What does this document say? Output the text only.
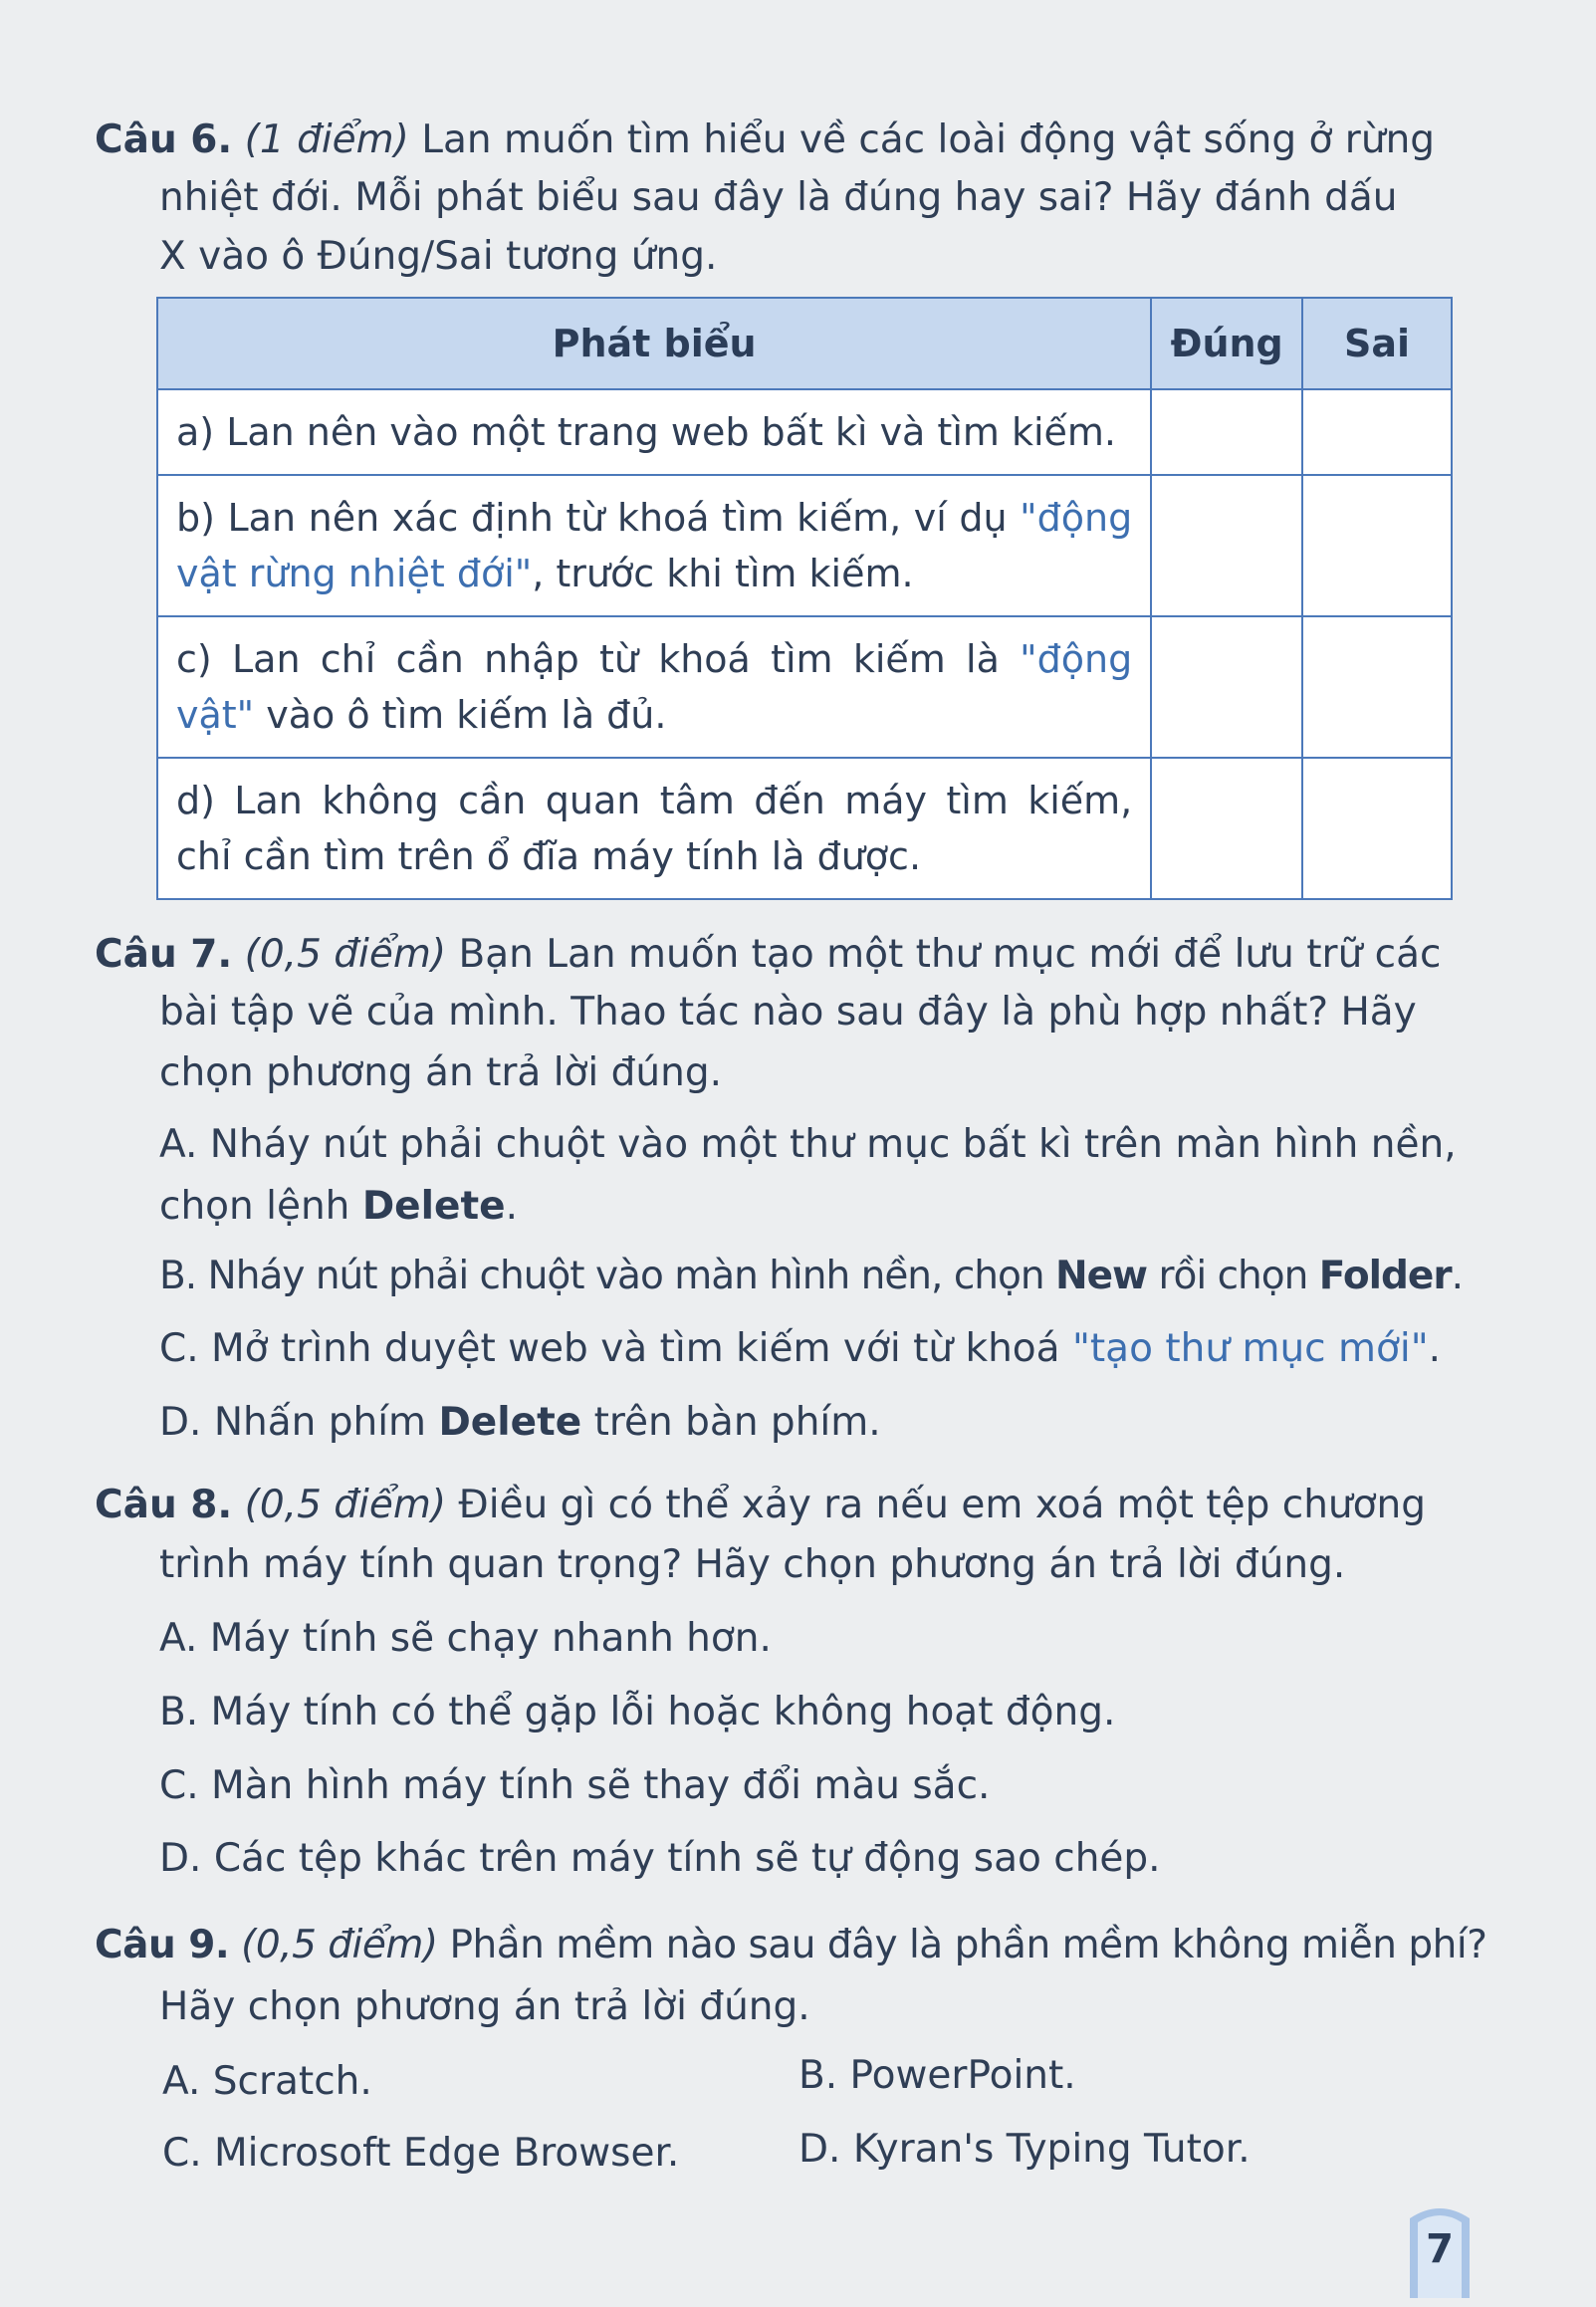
Câu 6. (1 điểm) Lan muốn tìm hiểu về các loài động vật sống ở rừng
nhiệt đới. Mỗi phát biểu sau đây là đúng hay sai? Hãy đánh dấu
X vào ô Đúng/Sai tương ứng.
Phát biểu	Đúng	Sai
a) Lan nên vào một trang web bất kì và tìm kiếm.		
b) Lan nên xác định từ khoá tìm kiếm, ví dụ "động vật rừng nhiệt đới", trước khi tìm kiếm.		
c) Lan chỉ cần nhập từ khoá tìm kiếm là "động vật" vào ô tìm kiếm là đủ.		
d) Lan không cần quan tâm đến máy tìm kiếm, chỉ cần tìm trên ổ đĩa máy tính là được.		
Câu 7. (0,5 điểm) Bạn Lan muốn tạo một thư mục mới để lưu trữ các
bài tập vẽ của mình. Thao tác nào sau đây là phù hợp nhất? Hãy
chọn phương án trả lời đúng.
A. Nháy nút phải chuột vào một thư mục bất kì trên màn hình nền,
chọn lệnh Delete.
B. Nháy nút phải chuột vào màn hình nền, chọn New rồi chọn Folder.
C. Mở trình duyệt web và tìm kiếm với từ khoá "tạo thư mục mới".
D. Nhấn phím Delete trên bàn phím.
Câu 8. (0,5 điểm) Điều gì có thể xảy ra nếu em xoá một tệp chương
trình máy tính quan trọng? Hãy chọn phương án trả lời đúng.
A. Máy tính sẽ chạy nhanh hơn.
B. Máy tính có thể gặp lỗi hoặc không hoạt động.
C. Màn hình máy tính sẽ thay đổi màu sắc.
D. Các tệp khác trên máy tính sẽ tự động sao chép.
Câu 9. (0,5 điểm) Phần mềm nào sau đây là phần mềm không miễn phí?
Hãy chọn phương án trả lời đúng.
A. Scratch.	B. PowerPoint.
C. Microsoft Edge Browser.	D. Kyran's Typing Tutor.
7
